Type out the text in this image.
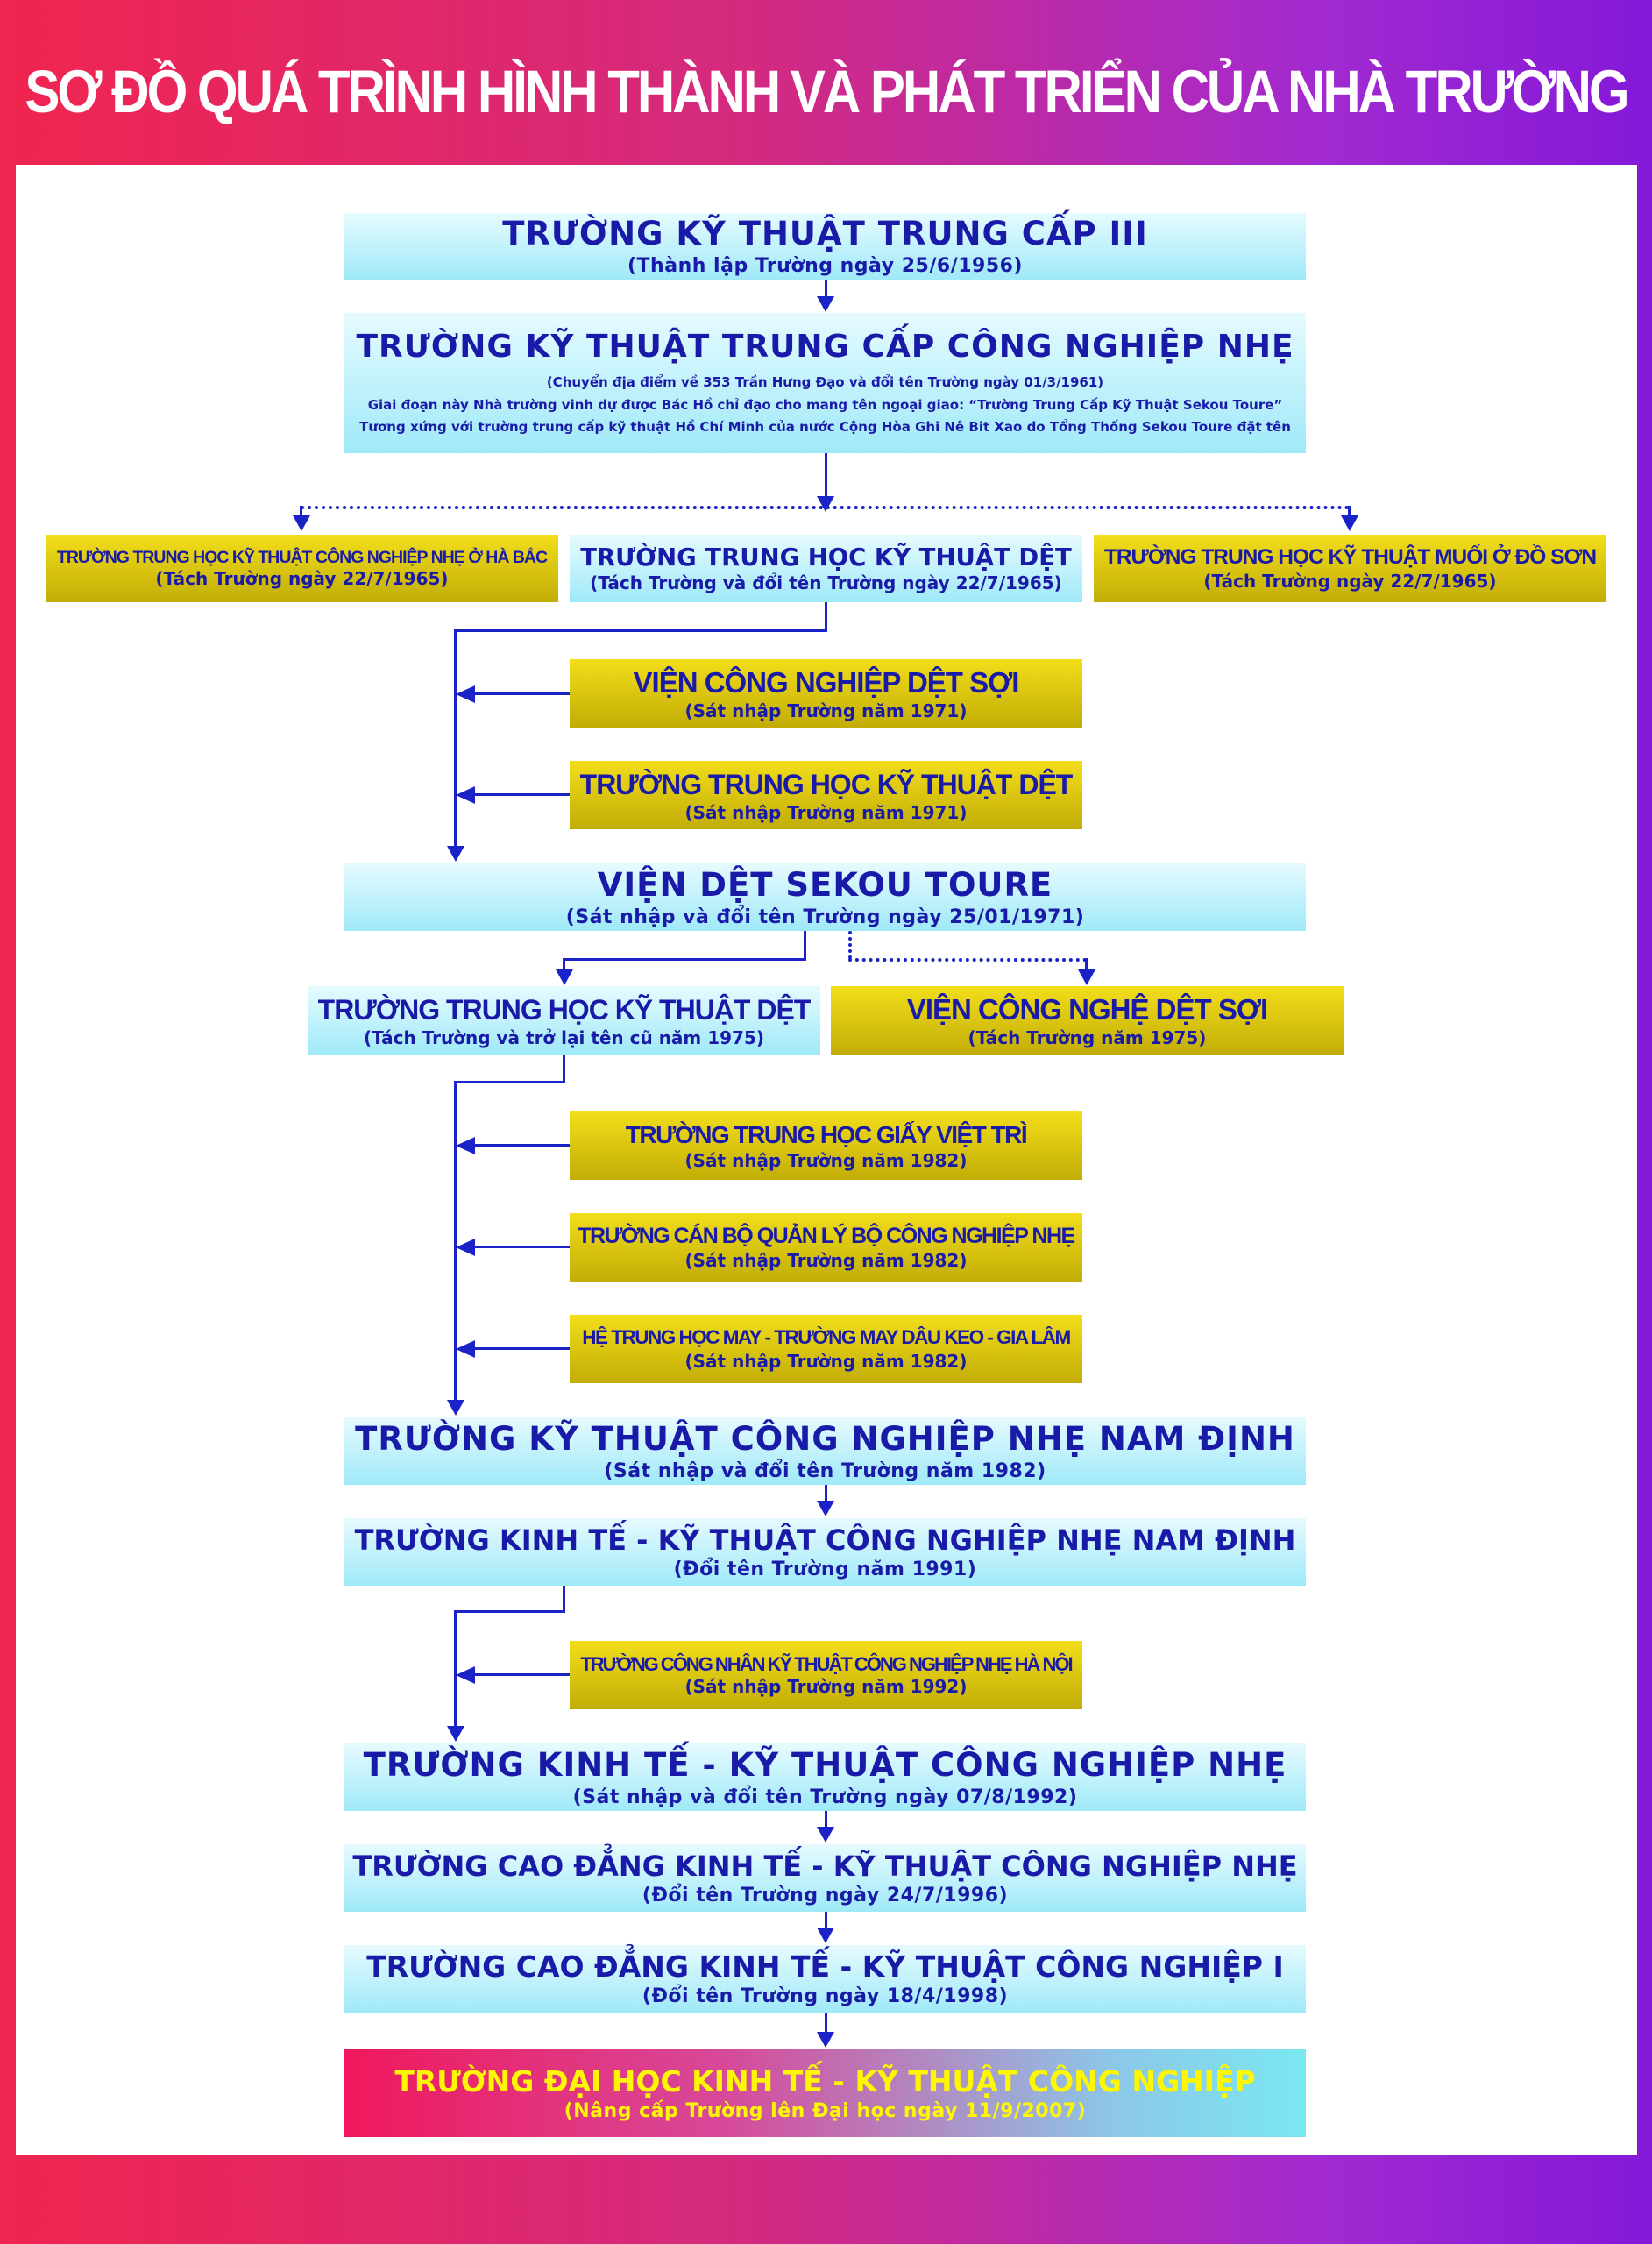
SƠ ĐỒ QUÁ TRÌNH HÌNH THÀNH VÀ PHÁT TRIỂN CỦA NHÀ TRƯỜNG
TRƯỜNG KỸ THUẬT TRUNG CẤP III
(Thành lập Trường ngày 25/6/1956)
TRƯỜNG KỸ THUẬT TRUNG CẤP CÔNG NGHIỆP NHẸ
(Chuyển địa điểm về 353 Trần Hưng Đạo và đổi tên Trường ngày 01/3/1961)
Giai đoạn này Nhà trường vinh dự được Bác Hồ chỉ đạo cho mang tên ngoại giao: “Trường Trung Cấp Kỹ Thuật Sekou Toure”
Tương xứng với trường trung cấp kỹ thuật Hồ Chí Minh của nước Cộng Hòa Ghi Nê Bit Xao do Tổng Thống Sekou Toure đặt tên
TRƯỜNG TRUNG HỌC KỸ THUẬT CÔNG NGHIỆP NHẸ Ở HÀ BẮC
(Tách Trường ngày 22/7/1965)
TRƯỜNG TRUNG HỌC KỸ THUẬT DỆT
(Tách Trường và đổi tên Trường ngày 22/7/1965)
TRƯỜNG TRUNG HỌC KỸ THUẬT MUỐI Ở ĐỒ SƠN
(Tách Trường ngày 22/7/1965)
VIỆN CÔNG NGHIỆP DỆT SỢI
(Sát nhập Trường năm 1971)
TRƯỜNG TRUNG HỌC KỸ THUẬT DỆT
(Sát nhập Trường năm 1971)
VIỆN DỆT SEKOU TOURE
(Sát nhập và đổi tên Trường ngày 25/01/1971)
TRƯỜNG TRUNG HỌC KỸ THUẬT DỆT
(Tách Trường và trở lại tên cũ năm 1975)
VIỆN CÔNG NGHỆ DỆT SỢI
(Tách Trường năm 1975)
TRƯỜNG TRUNG HỌC GIẤY VIỆT TRÌ
(Sát nhập Trường năm 1982)
TRƯỜNG CÁN BỘ QUẢN LÝ BỘ CÔNG NGHIỆP NHẸ
(Sát nhập Trường năm 1982)
HỆ TRUNG HỌC MAY - TRƯỜNG MAY DÂU KEO - GIA LÂM
(Sát nhập Trường năm 1982)
TRƯỜNG KỸ THUẬT CÔNG NGHIỆP NHẸ NAM ĐỊNH
(Sát nhập và đổi tên Trường năm 1982)
TRƯỜNG KINH TẾ - KỸ THUẬT CÔNG NGHIỆP NHẸ NAM ĐỊNH
(Đổi tên Trường năm 1991)
TRƯỜNG CÔNG NHÂN KỸ THUẬT CÔNG NGHIỆP NHẸ HÀ NỘI
(Sát nhập Trường năm 1992)
TRƯỜNG KINH TẾ - KỸ THUẬT CÔNG NGHIỆP NHẸ
(Sát nhập và đổi tên Trường ngày 07/8/1992)
TRƯỜNG CAO ĐẲNG KINH TẾ - KỸ THUẬT CÔNG NGHIỆP NHẸ
(Đổi tên Trường ngày 24/7/1996)
TRƯỜNG CAO ĐẲNG KINH TẾ - KỸ THUẬT CÔNG NGHIỆP I
(Đổi tên Trường ngày 18/4/1998)
TRƯỜNG ĐẠI HỌC KINH TẾ - KỸ THUẬT CÔNG NGHIỆP
(Nâng cấp Trường lên Đại học ngày 11/9/2007)
